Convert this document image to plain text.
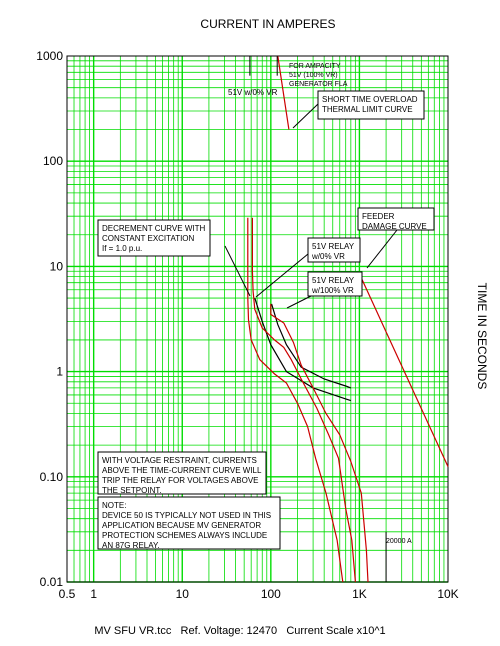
CURRENT IN AMPERES
0.5 1	10	100	1K	10K
1000
100
10
1
0.10
0.01
TIME IN SECONDS
51V w/0% VR
FOR AMPACITY
51V (100% VR)
GENERATOR FLA
SHORT TIME OVERLOAD
THERMAL LIMIT CURVE
DECREMENT CURVE WITH
CONSTANT EXCITATION
If = 1.0 p.u.
FEEDER
DAMAGE CURVE
51V RELAY
w/0% VR
51V RELAY
w/100% VR
WITH VOLTAGE RESTRAINT, CURRENTS
ABOVE THE TIME-CURRENT CURVE WILL
TRIP THE RELAY FOR VOLTAGES ABOVE
THE SETPOINT.
NOTE:
DEVICE 50 IS TYPICALLY NOT USED IN THIS
APPLICATION BECAUSE MV GENERATOR
PROTECTION SCHEMES ALWAYS INCLUDE
AN 87G RELAY.	20000 A
MV SFU VR.tcc   Ref. Voltage: 12470   Current Scale x10^1
